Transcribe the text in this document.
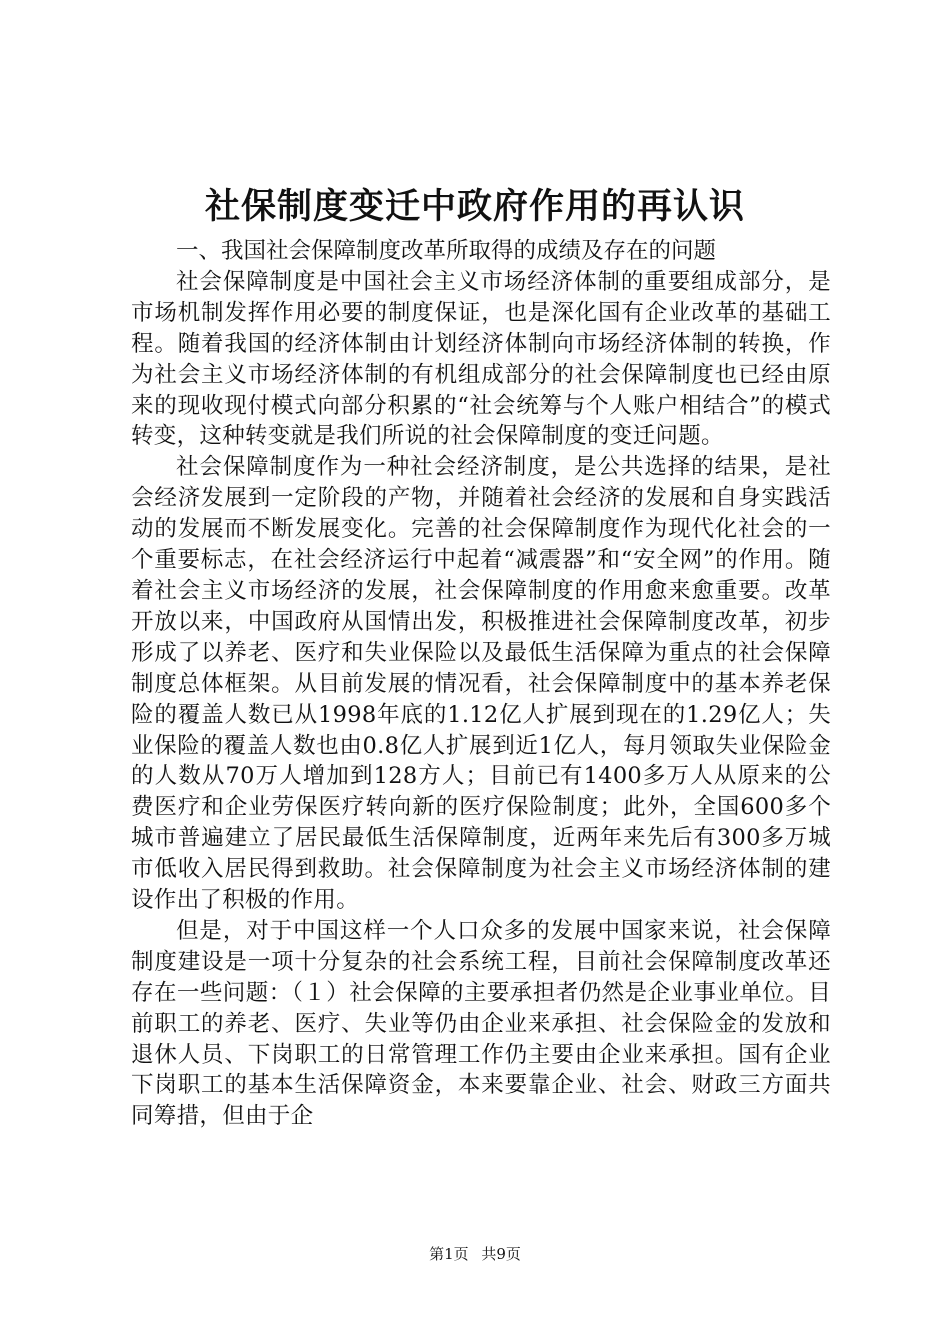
社保制度变迁中政府作用的再认识

一、我国社会保障制度改革所取得的成绩及存在的问题

社会保障制度是中国社会主义市场经济体制的重要组成部分，是市场机制发挥作用必要的制度保证，也是深化国有企业改革的基础工程。随着我国的经济体制由计划经济体制向市场经济体制的转换，作为社会主义市场经济体制的有机组成部分的社会保障制度也已经由原来的现收现付模式向部分积累的“社会统筹与个人账户相结合”的模式转变，这种转变就是我们所说的社会保障制度的变迁问题。

社会保障制度作为一种社会经济制度，是公共选择的结果，是社会经济发展到一定阶段的产物，并随着社会经济的发展和自身实践活动的发展而不断发展变化。完善的社会保障制度作为现代化社会的一个重要标志，在社会经济运行中起着“减震器”和“安全网”的作用。随着社会主义市场经济的发展，社会保障制度的作用愈来愈重要。改革开放以来，中国政府从国情出发，积极推进社会保障制度改革，初步形成了以养老、医疗和失业保险以及最低生活保障为重点的社会保障制度总体框架。从目前发展的情况看，社会保障制度中的基本养老保险的覆盖人数已从1998年底的1.12亿人扩展到现在的1.29亿人；失业保险的覆盖人数也由0.8亿人扩展到近1亿人，每月领取失业保险金的人数从70万人增加到128方人；目前已有1400多万人从原来的公费医疗和企业劳保医疗转向新的医疗保险制度；此外，全国600多个城市普遍建立了居民最低生活保障制度，近两年来先后有300多万城市低收入居民得到救助。社会保障制度为社会主义市场经济体制的建设作出了积极的作用。

但是，对于中国这样一个人口众多的发展中国家来说，社会保障制度建设是一项十分复杂的社会系统工程，目前社会保障制度改革还存在一些问题：（１）社会保障的主要承担者仍然是企业事业单位。目前职工的养老、医疗、失业等仍由企业来承担、社会保险金的发放和退休人员、下岗职工的日常管理工作仍主要由企业来承担。国有企业下岗职工的基本生活保障资金，本来要靠企业、社会、财政三方面共同筹措，但由于企

第1页 共9页
